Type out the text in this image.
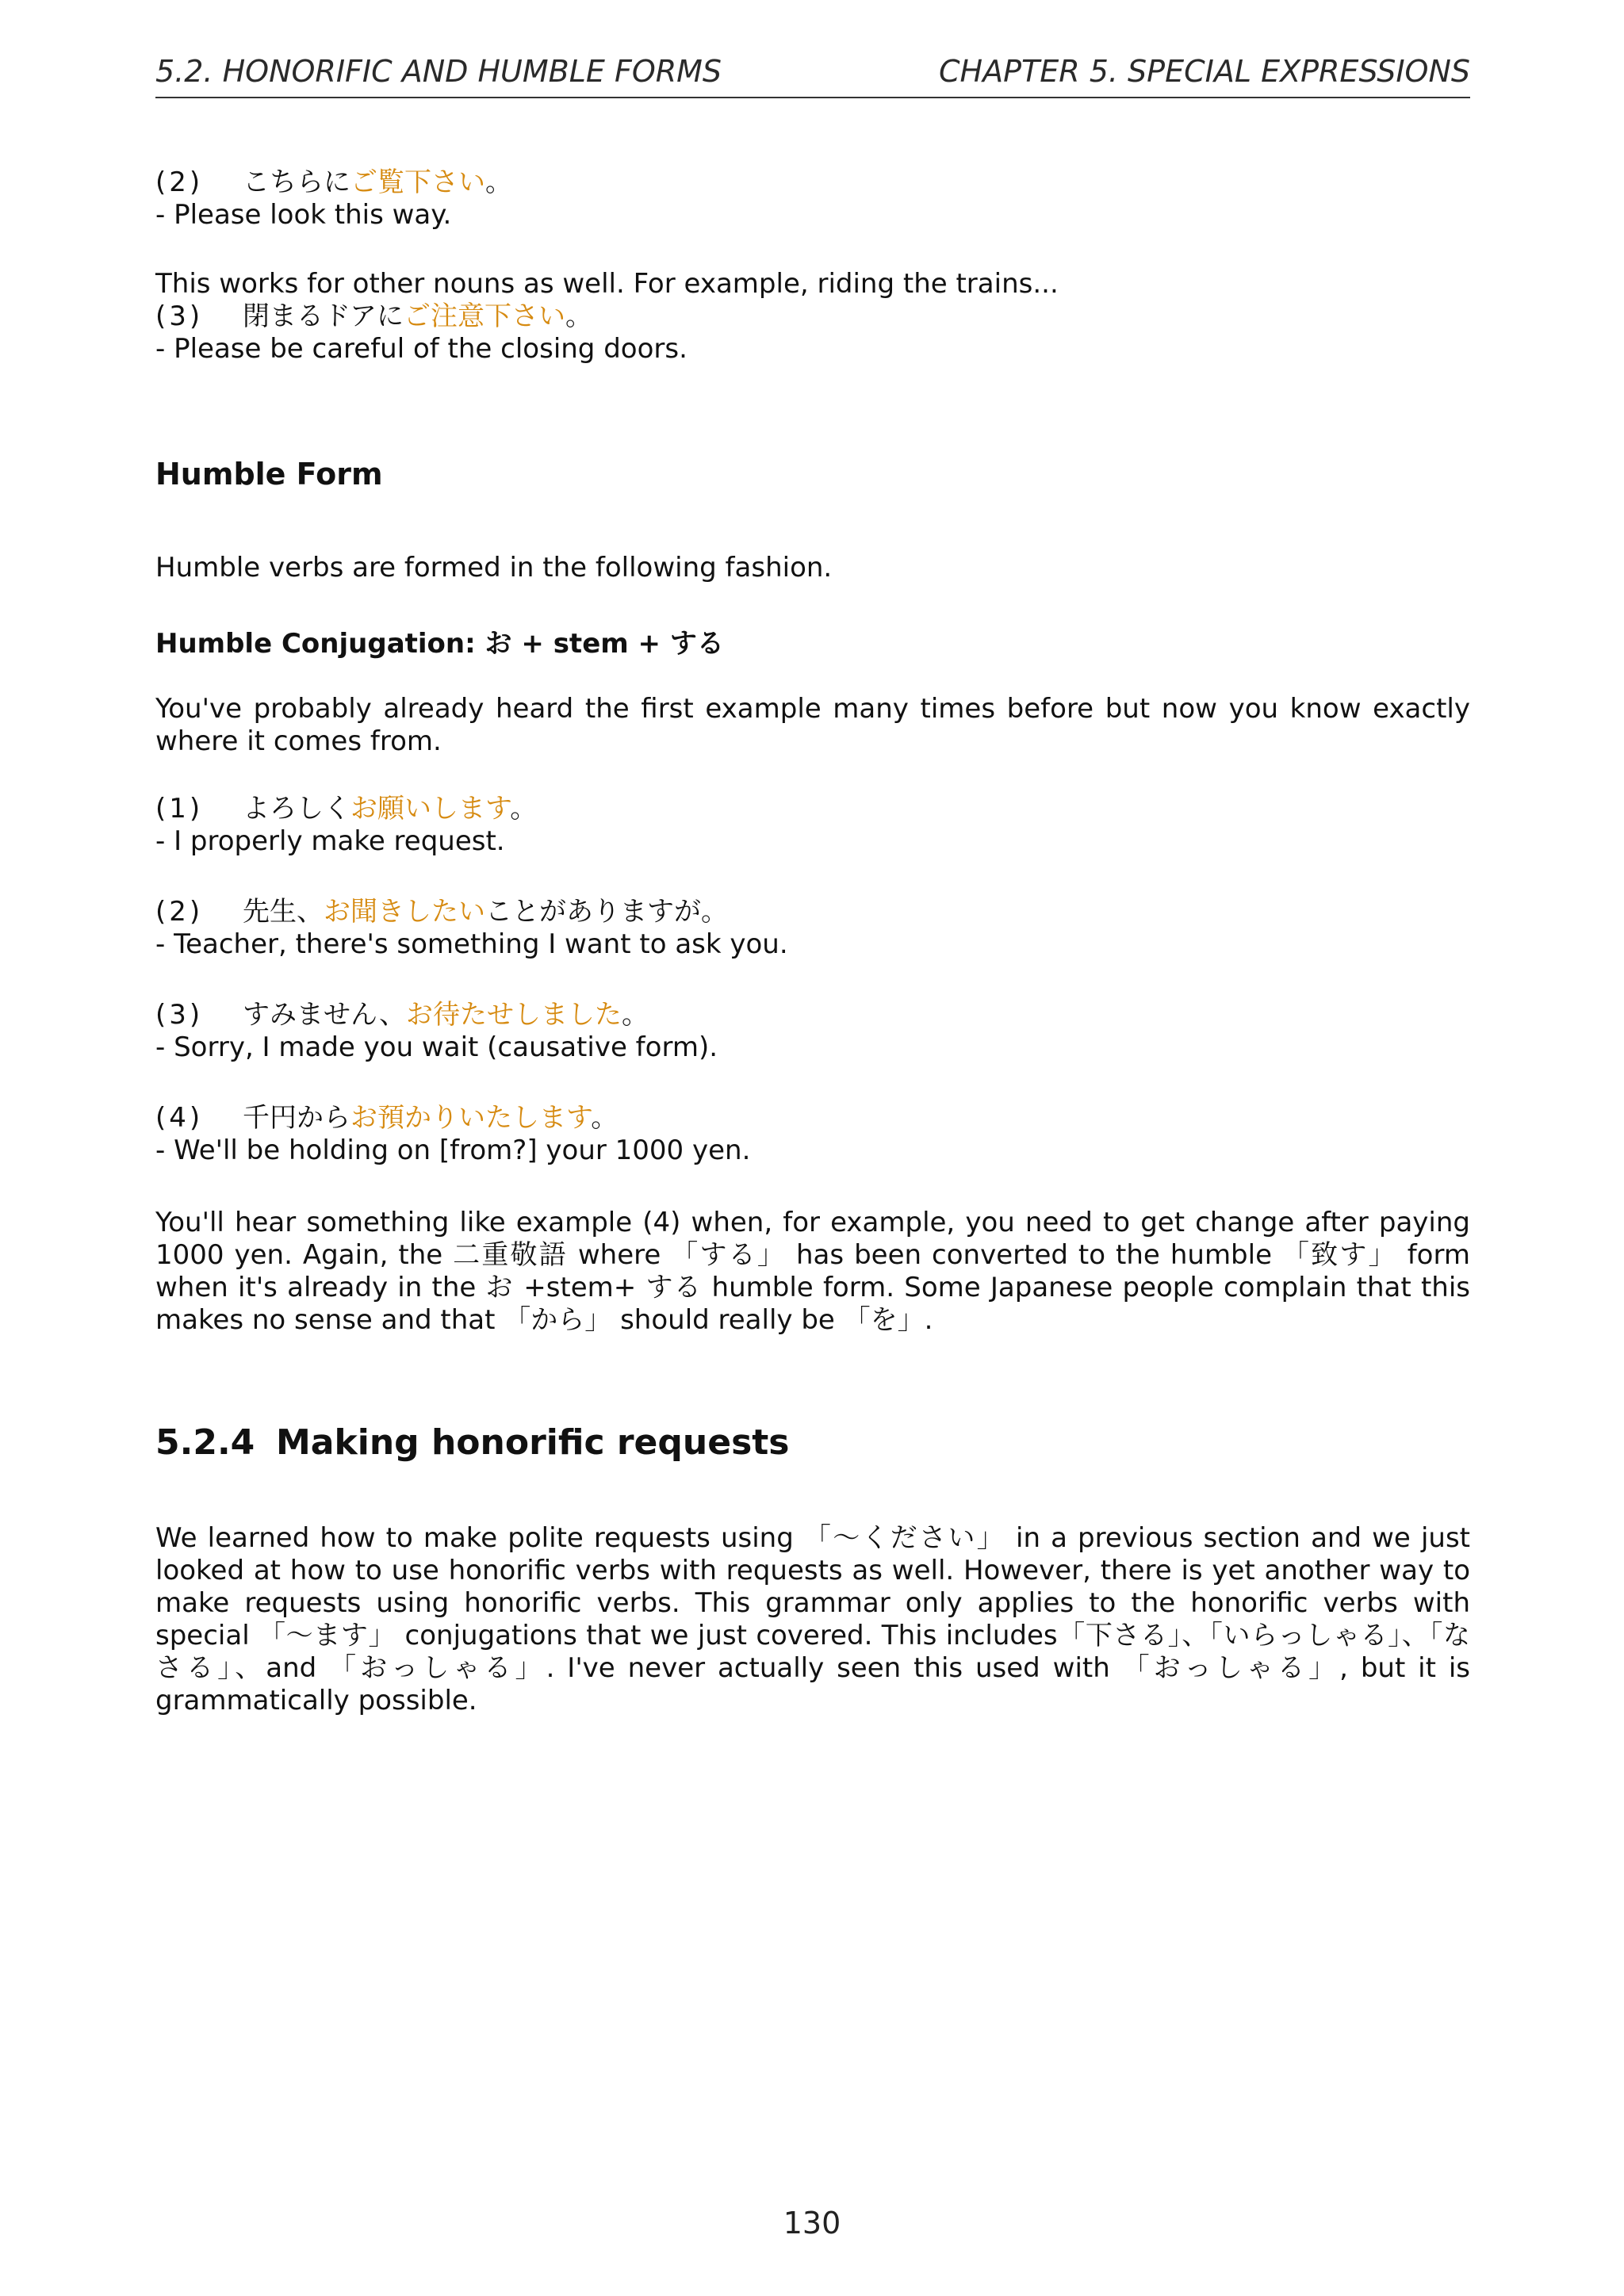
5.2. HONORIFIC AND HUMBLE FORMS	CHAPTER 5. SPECIAL EXPRESSIONS
(2) こちらにご覧下さい。
- Please look this way.
This works for other nouns as well. For example, riding the trains...
(3) 閉まるドアにご注意下さい。
- Please be careful of the closing doors.
Humble Form
Humble verbs are formed in the following fashion.
Humble Conjugation: お + stem + する
You've probably already heard the first example many times before but now you know exactly where it comes from.
(1) よろしくお願いします。
- I properly make request.
(2) 先生、お聞きしたいことがありますが。
- Teacher, there's something I want to ask you.
(3) すみません、お待たせしました。
- Sorry, I made you wait (causative form).
(4) 千円からお預かりいたします。
- We'll be holding on [from?] your 1000 yen.
You'll hear something like example (4) when, for example, you need to get change after paying 1000 yen. Again, the 二重敬語 where 「する」 has been converted to the humble 「致す」 form when it's already in the お +stem+ する humble form. Some Japanese people complain that this makes no sense and that 「から」 should really be 「を」.
5.2.4 Making honorific requests
We learned how to make polite requests using 「〜ください」 in a previous section and we just looked at how to use honorific verbs with requests as well. However, there is yet another way to make requests using honorific verbs. This grammar only applies to the honorific verbs with special 「〜ます」 conjugations that we just covered. This includes「下さる」、「いらっしゃる」、「なさる」、and 「おっしゃる」. I've never actually seen this used with 「おっしゃる」, but it is grammatically possible.
130
